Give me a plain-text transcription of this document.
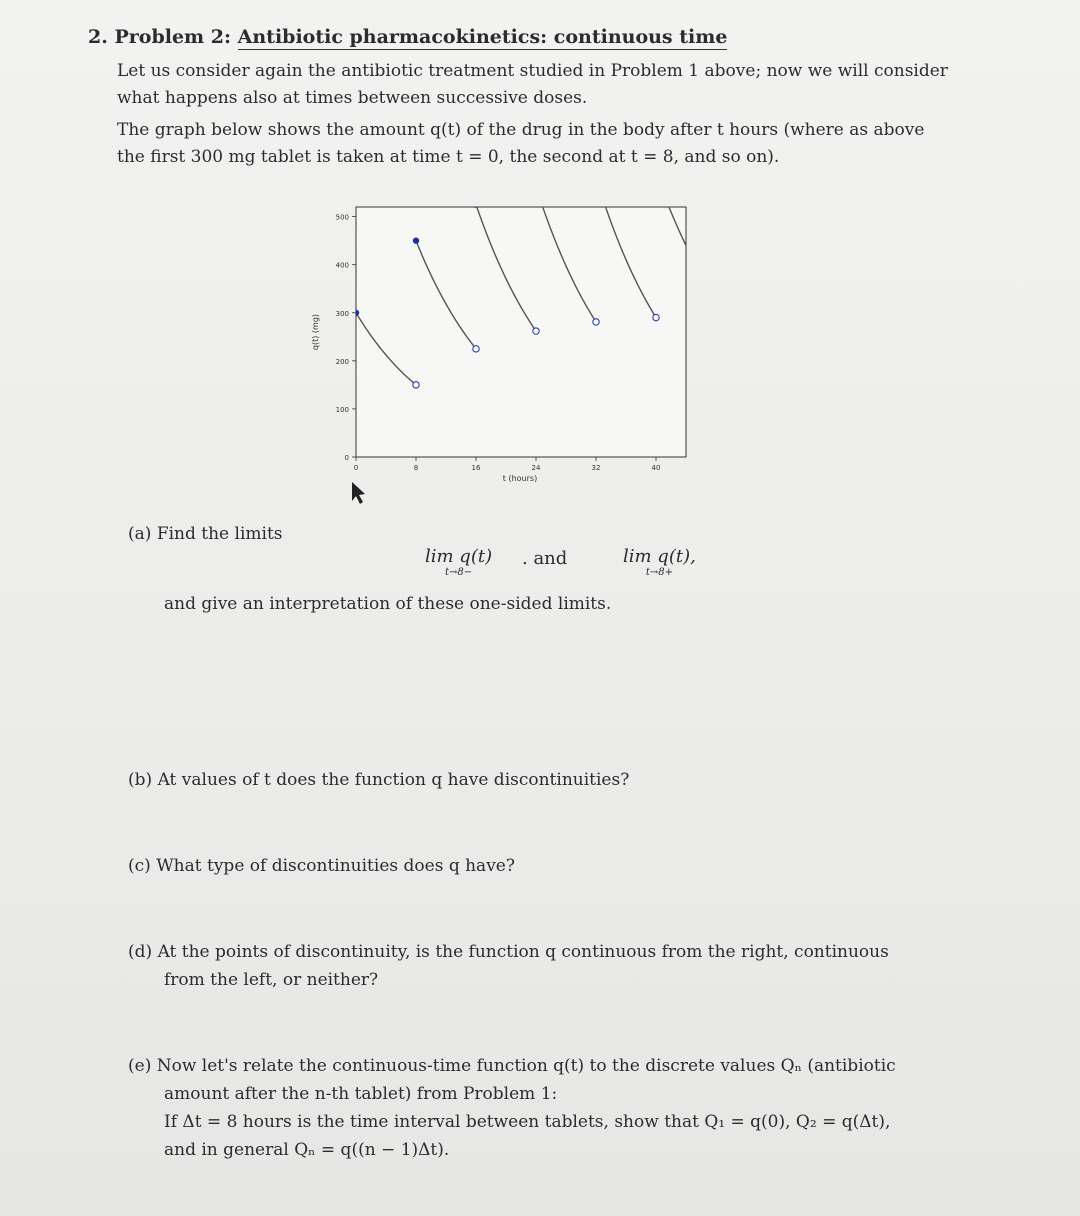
2. Problem 2: Antibiotic pharmacokinetics: continuous time
Let us consider again the antibiotic treatment studied in Problem 1 above; now we will consider
what happens also at times between successive doses.
The graph below shows the amount q(t) of the drug in the body after t hours (where as above
the first 300 mg tablet is taken at time t = 0, the second at t = 8, and so on).
0
100
200
300
400
500
0	8	16	24	32	40
t (hours)
q(t) (mg)
(a) Find the limits
lim q(t)
t→8−
. and	lim q(t),
t→8+
and give an interpretation of these one-sided limits.
(b) At values of t does the function q have discontinuities?
(c) What type of discontinuities does q have?
(d) At the points of discontinuity, is the function q continuous from the right, continuous
from the left, or neither?
(e) Now let's relate the continuous-time function q(t) to the discrete values Qₙ (antibiotic
amount after the n-th tablet) from Problem 1:
If Δt = 8 hours is the time interval between tablets, show that Q₁ = q(0), Q₂ = q(Δt),
and in general Qₙ = q((n − 1)Δt).
